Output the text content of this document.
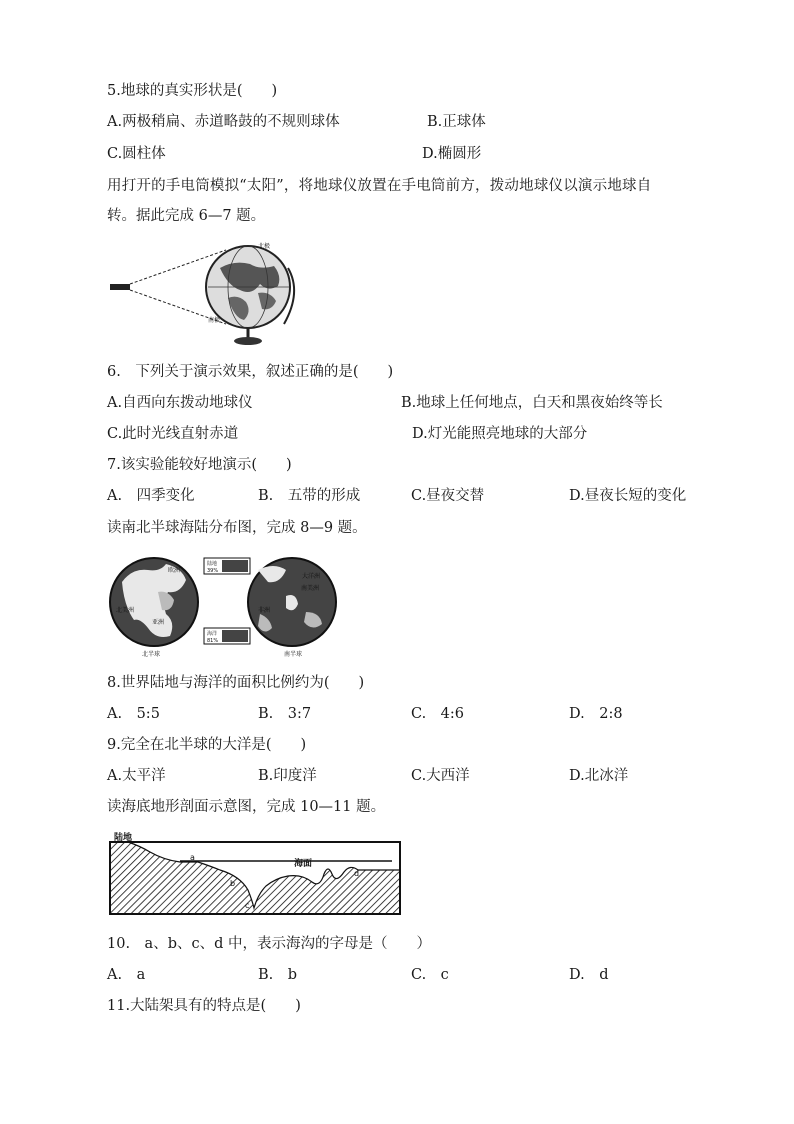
5.地球的真实形状是(　　)
A.两极稍扁、赤道略鼓的不规则球体	B.正球体
C.圆柱体	D.椭圆形
用打开的手电筒模拟“太阳”，将地球仪放置在手电筒前方，拨动地球仪以演示地球自
转。据此完成 6—7 题。
北极
南极
6.　下列关于演示效果，叙述正确的是(　　)
A.自西向东拨动地球仪	B.地球上任何地点，白天和黑夜始终等长
C.此时光线直射赤道	D.灯光能照亮地球的大部分
7.该实验能较好地演示(　　)
A.　四季变化	B.　五带的形成	C.昼夜交替	D.昼夜长短的变化
读南北半球海陆分布图，完成 8—9 题。
北美洲
欧洲
亚洲
北半球
陆地
39%
海洋
81%
南美洲
大洋洲
南半球
非洲
8.世界陆地与海洋的面积比例约为(　　)
A.　5:5	B.　3:7	C.　4:6	D.　2:8
9.完全在北半球的大洋是(　　)
A.太平洋	B.印度洋	C.大西洋	D.北冰洋
读海底地形剖面示意图，完成 10—11 题。
陆地
海面
a
b
c
d
10.　a、b、c、d 中，表示海沟的字母是（　　）
A.　a	B.　b	C.　c	D.　d
11.大陆架具有的特点是(　　)
